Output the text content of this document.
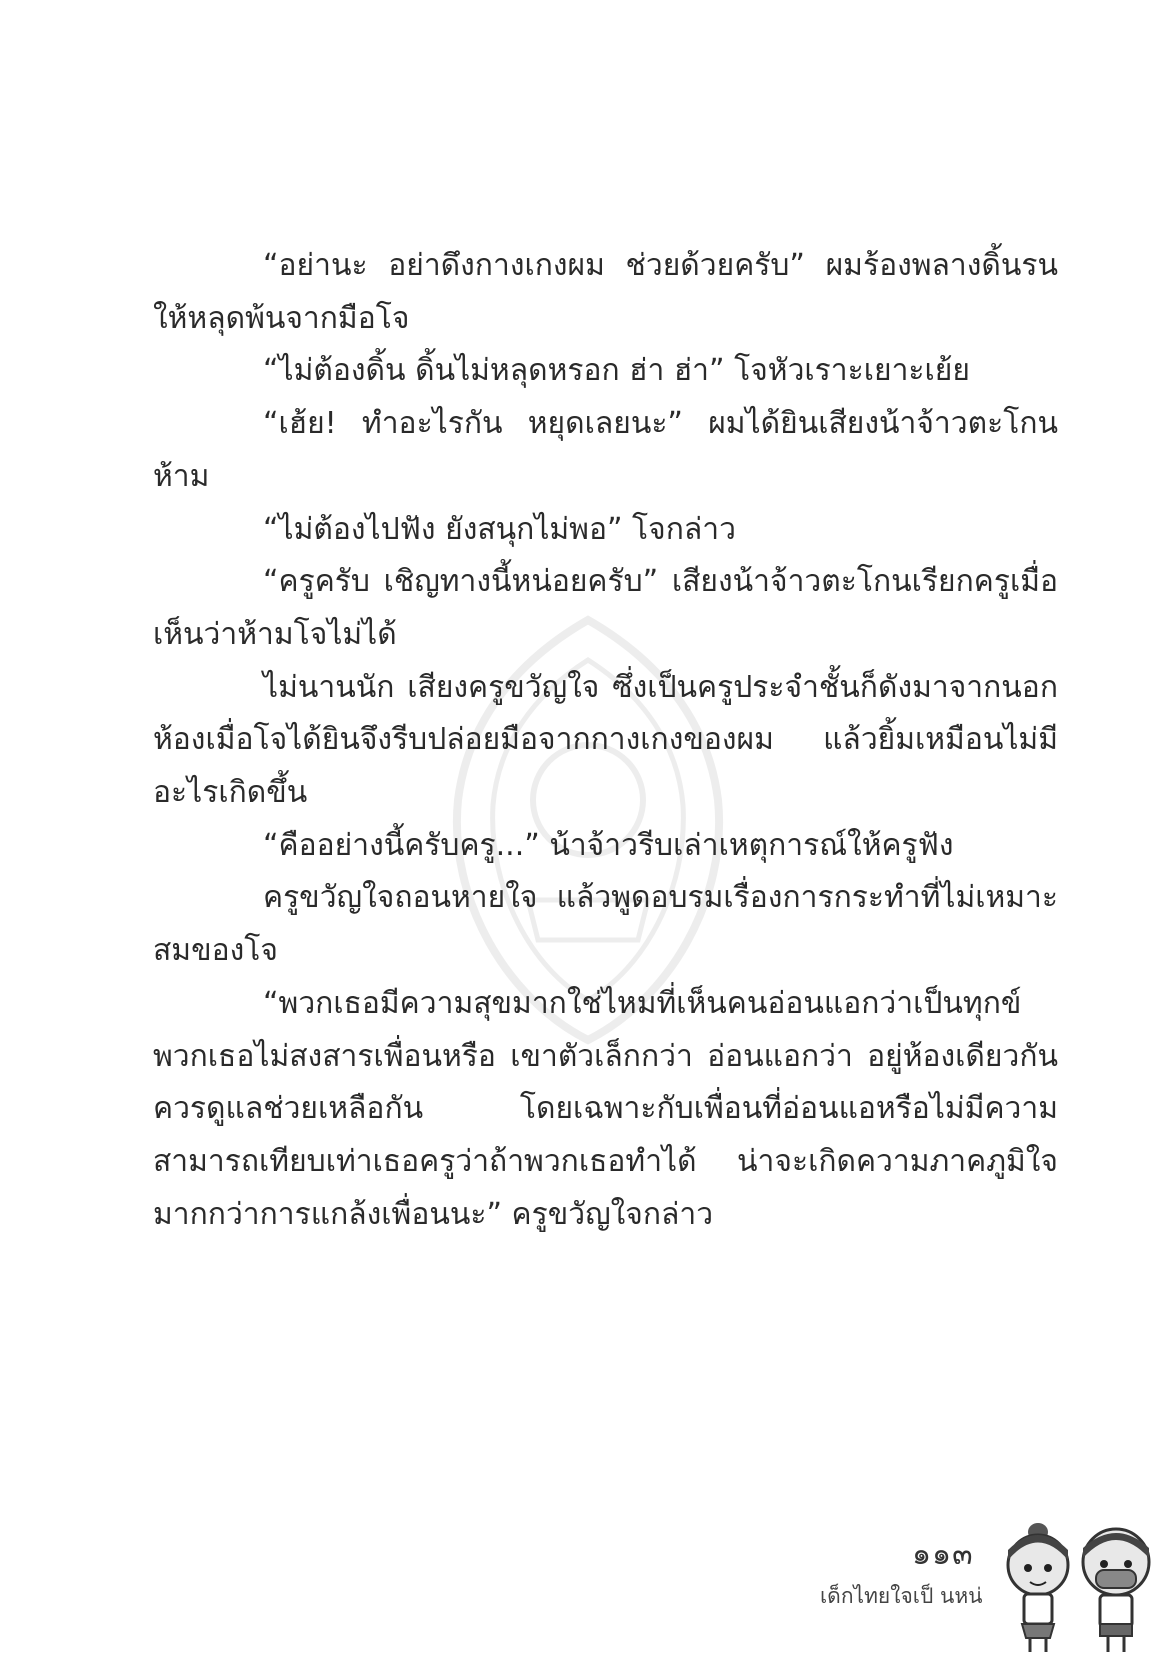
“อย่านะ อย่าดึงกางเกงผม ช่วยด้วยครับ” ผมร้องพลางดิ้นรนให้หลุดพ้นจากมือโจ

“ไม่ต้องดิ้น ดิ้นไม่หลุดหรอก ฮ่า ฮ่า” โจหัวเราะเยาะเย้ย

“เฮ้ย! ทำอะไรกัน หยุดเลยนะ” ผมได้ยินเสียงน้าจ้าวตะโกนห้าม

“ไม่ต้องไปฟัง ยังสนุกไม่พอ” โจกล่าว

“ครูครับ เชิญทางนี้หน่อยครับ” เสียงน้าจ้าวตะโกนเรียกครูเมื่อเห็นว่าห้ามโจไม่ได้

ไม่นานนัก เสียงครูขวัญใจ ซึ่งเป็นครูประจำชั้นก็ดังมาจากนอกห้องเมื่อโจได้ยินจึงรีบปล่อยมือจากกางเกงของผม แล้วยิ้มเหมือนไม่มีอะไรเกิดขึ้น

“คืออย่างนี้ครับครู...” น้าจ้าวรีบเล่าเหตุการณ์ให้ครูฟัง

ครูขวัญใจถอนหายใจ แล้วพูดอบรมเรื่องการกระทำที่ไม่เหมาะสมของโจ

“พวกเธอมีความสุขมากใช่ไหมที่เห็นคนอ่อนแอกว่าเป็นทุกข์ พวกเธอไม่สงสารเพื่อนหรือ เขาตัวเล็กกว่า อ่อนแอกว่า อยู่ห้องเดียวกันควรดูแลช่วยเหลือกัน โดยเฉพาะกับเพื่อนที่อ่อนแอหรือไม่มีความสามารถเทียบเท่าเธอครูว่าถ้าพวกเธอทำได้ น่าจะเกิดความภาคภูมิใจมากกว่าการแกล้งเพื่อนนะ” ครูขวัญใจกล่าว

๑๑๓
เด็กไทยใจเป็ นหน่
